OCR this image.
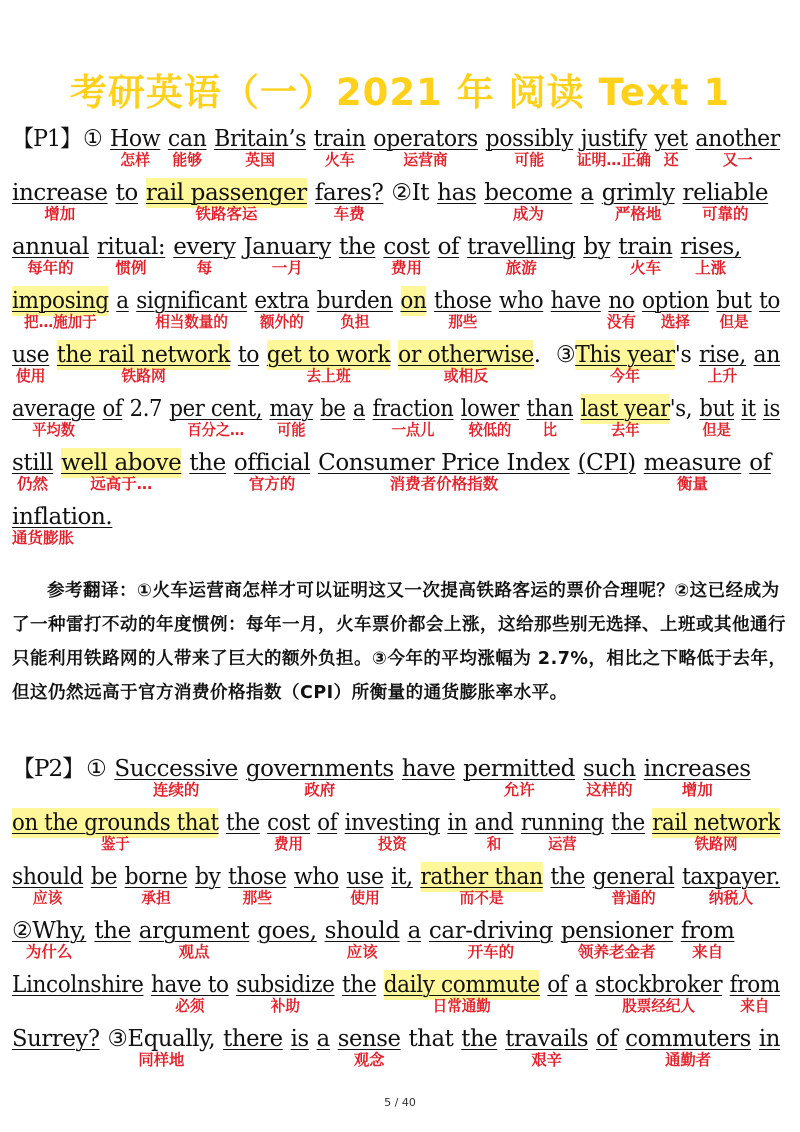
考研英语（一）2021 年 阅读 Text 1
【P1】 ① How
怎样
can
能够
Britain’s
英国
train
火车
operators
运营商
possibly
可能
justify
证明…正确
yet
还
another
又一
increase
增加
to rail passenger
铁路客运
fares?
车费
②It has become
成为
a grimly
严格地
reliable
可靠的
annual
每年的
ritual:
惯例
every
每
January
一月
the cost
费用
of travelling
旅游
by train
火车
rises,
上涨
imposing
把…施加于
a significant
相当数量的
extra
额外的
burden
负担
on those
那些
who have no
没有
option
选择
but
但是
to
use
使用
the rail network
铁路网
to get to work
去上班
or otherwise
或相反
. ③ This year
今年
's rise,
上升
an
average
平均数
of 2.7 per cent,
百分之…
may
可能
be a fraction
一点儿
lower
较低的
than
比
last year
去年
's, but
但是
it is
still
仍然
well above
远高于…
the official
官方的
Consumer Price Index
消费者价格指数
(CPI) measure
衡量
of
inflation.
通货膨胀

参考翻译：①火车运营商怎样才可以证明这又一次提高铁路客运的票价合理呢？②这已经成为了一种雷打不动的年度惯例：每年一月，火车票价都会上涨，这给那些别无选择、上班或其他通行只能利用铁路网的人带来了巨大的额外负担。③今年的平均涨幅为 2.7%，相比之下略低于去年，但这仍然远高于官方消费价格指数（CPI）所衡量的通货膨胀率水平。

【P2】 ① Successive
连续的
governments
政府
have permitted
允许
such
这样的
increases
增加
on the grounds that
鉴于
the cost
费用
of investing
投资
in and
和
running
运营
the rail network
铁路网
should
应该
be borne
承担
by those
那些
who use
使用
it, rather than
而不是
the general
普通的
taxpayer.
纳税人
②Why,
为什么
the argument
观点
goes, should
应该
a car-driving
开车的
pensioner
领养老金者
from
来自
Lincolnshire have to
必须
subsidize
补助
the daily commute
日常通勤
of a stockbroker
股票经纪人
from
来自
Surrey? ③Equally,
同样地
there is a sense
观念
that the travails
艰辛
of commuters
通勤者
in
5 / 40
